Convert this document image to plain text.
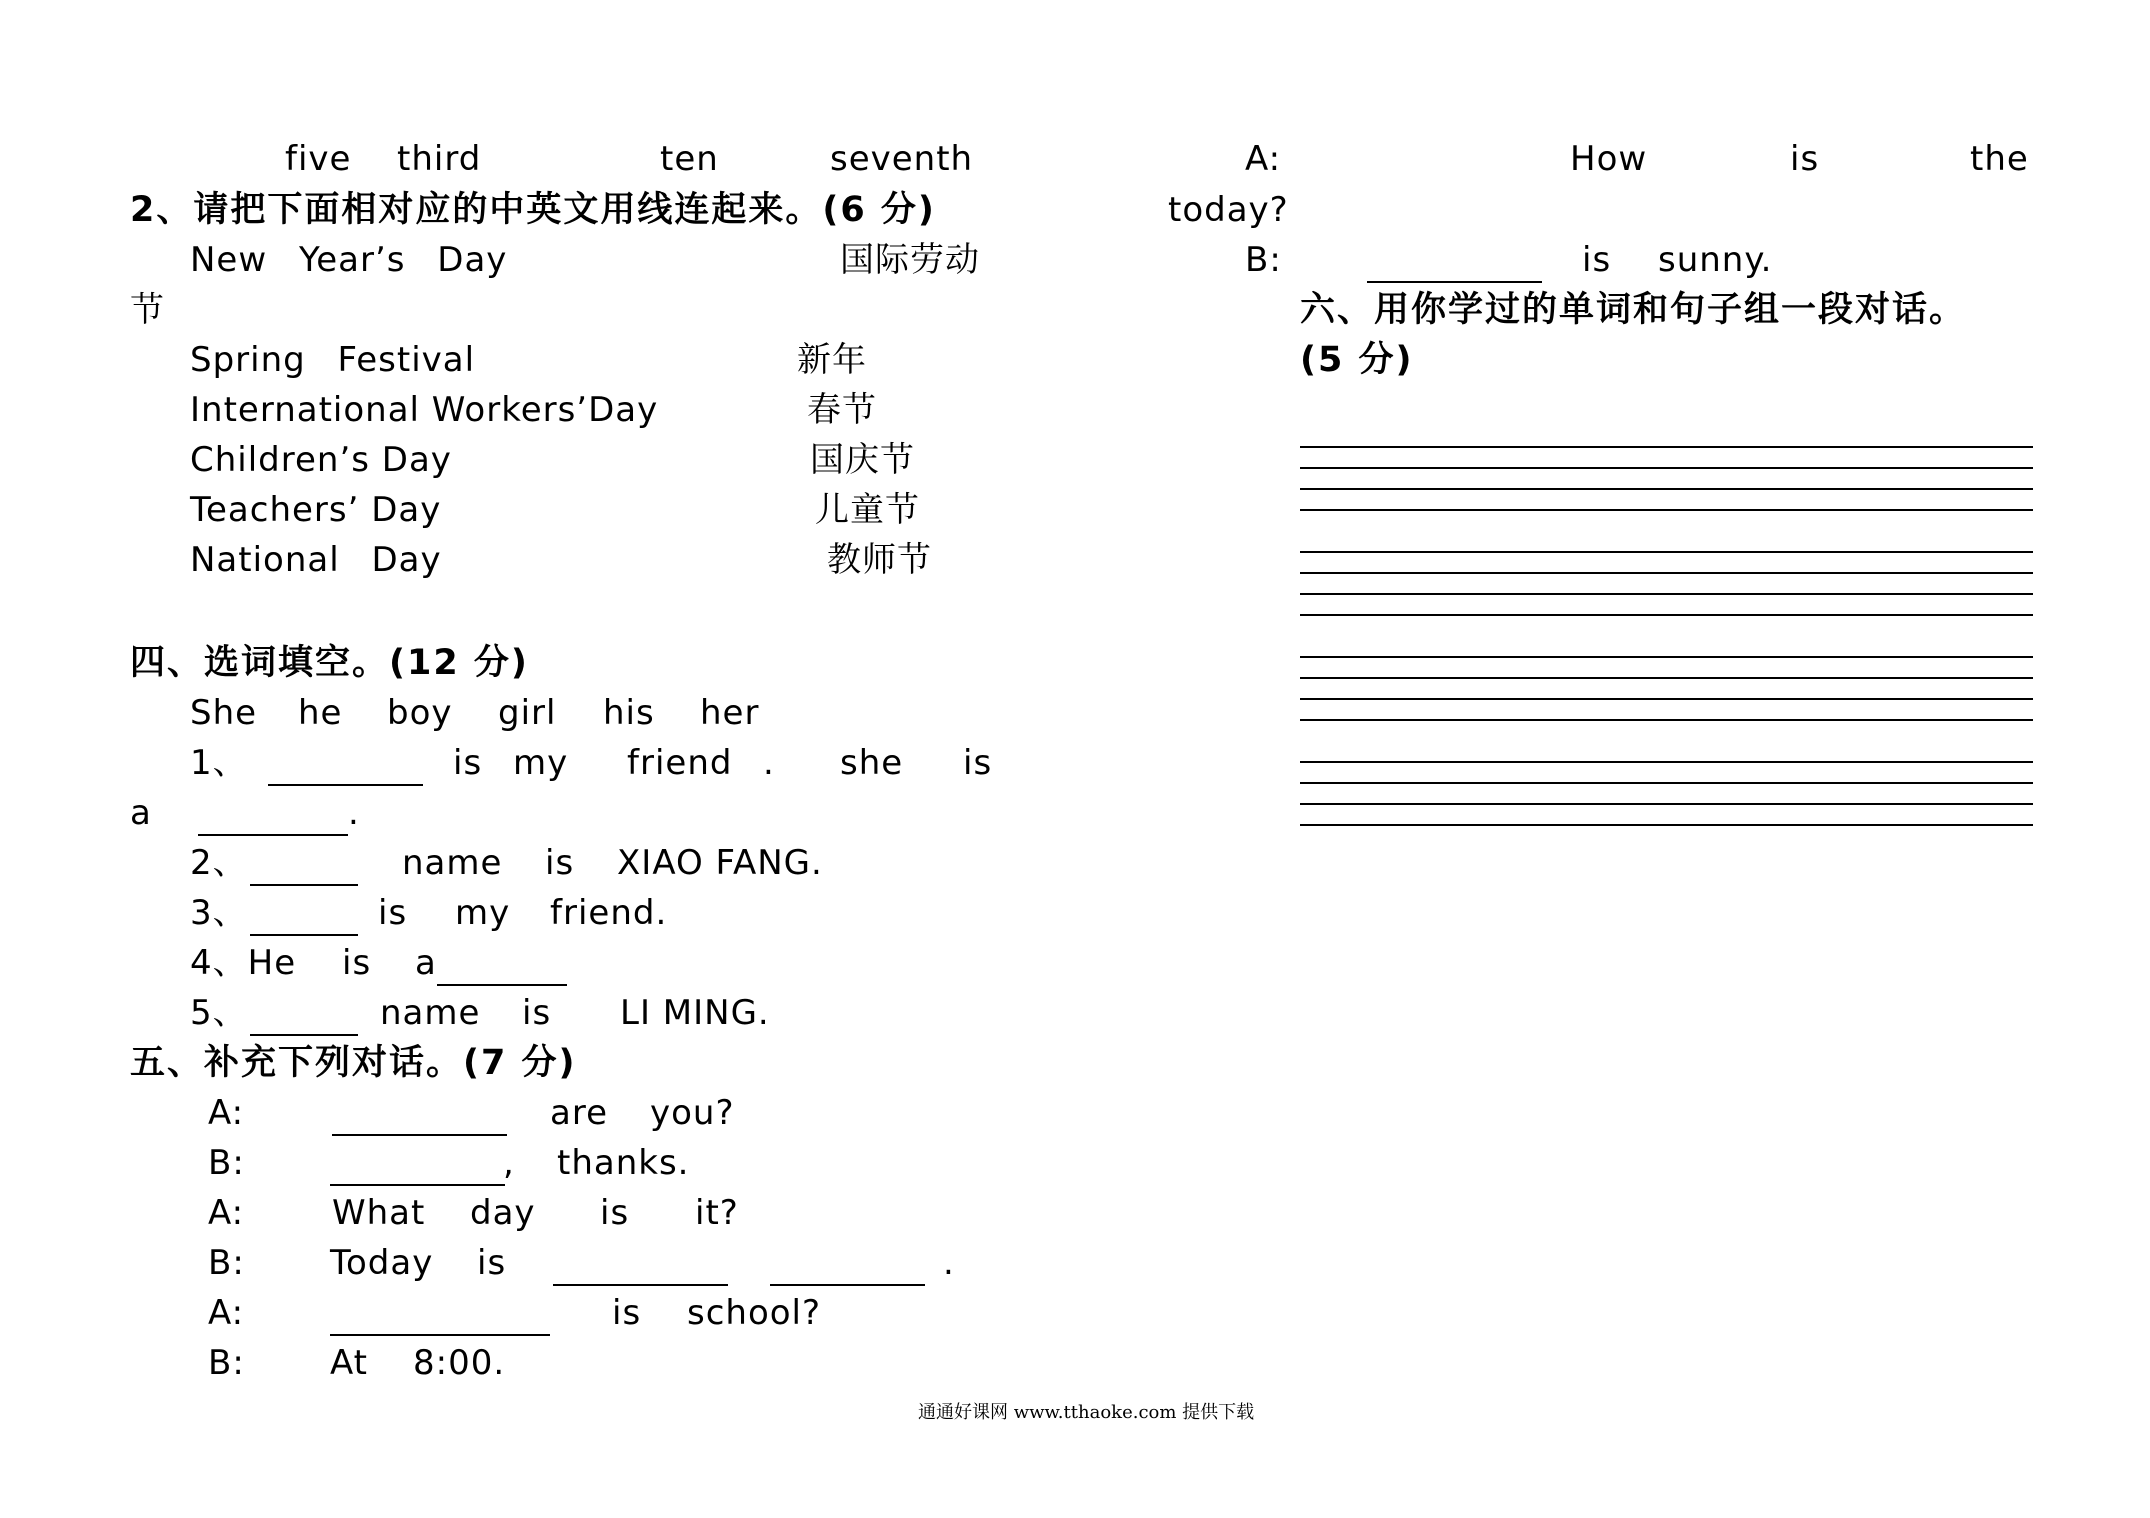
five third	ten	seventh
2、请把下面相对应的中英文用线连起来。(6 分)
New Year’s Day	国际劳动
节
Spring Festival	新年
International Workers’Day	春节
Children’s Day	国庆节
Teachers’ Day	儿童节
National Day	教师节
四、选词填空。(12 分)
She he boy girl his her
1、	is my friend . she is
a	.
2、	name is XIAO FANG.
3、	is my friend.
4、He is a
5、	name is LI MING.
五、补充下列对话。(7 分)
A:	are you?
B:	, thanks.
A:	What day is it?
B:	Today is	.
A:	is school?
B:	At 8:00.
A:	How	is	the
today?
B:	is sunny.
六、用你学过的单词和句子组一段对话。
(5 分)
通通好课网 www.tthaoke.com 提供下载
